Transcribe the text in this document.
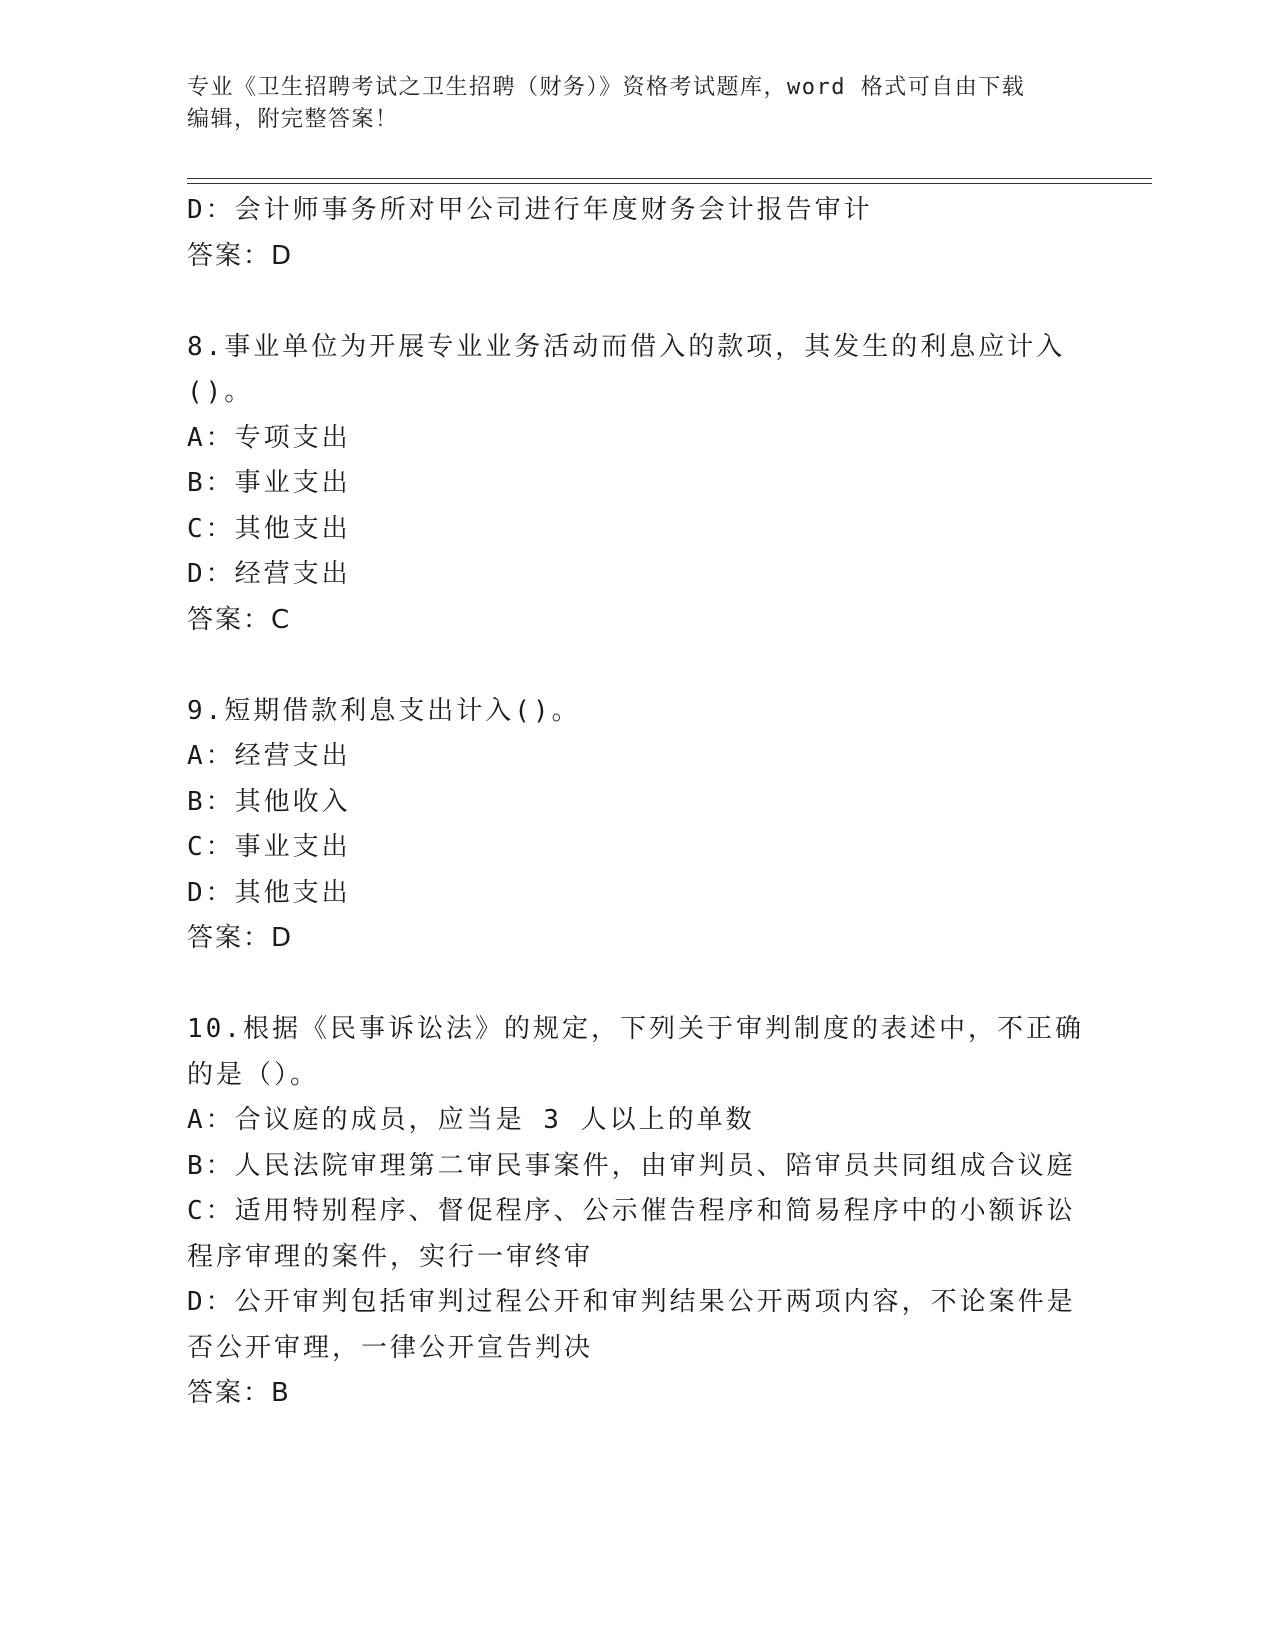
专业《卫生招聘考试之卫生招聘（财务）》资格考试题库，word 格式可自由下载
编辑，附完整答案！
D：会计师事务所对甲公司进行年度财务会计报告审计
答案：D
8.事业单位为开展专业业务活动而借入的款项，其发生的利息应计入
()。
A：专项支出
B：事业支出
C：其他支出
D：经营支出
答案：C
9.短期借款利息支出计入()。
A：经营支出
B：其他收入
C：事业支出
D：其他支出
答案：D
10.根据《民事诉讼法》的规定，下列关于审判制度的表述中，不正确
的是（）。
A：合议庭的成员，应当是 3 人以上的单数
B：人民法院审理第二审民事案件，由审判员、陪审员共同组成合议庭
C：适用特别程序、督促程序、公示催告程序和简易程序中的小额诉讼
程序审理的案件，实行一审终审
D：公开审判包括审判过程公开和审判结果公开两项内容，不论案件是
否公开审理，一律公开宣告判决
答案：B
